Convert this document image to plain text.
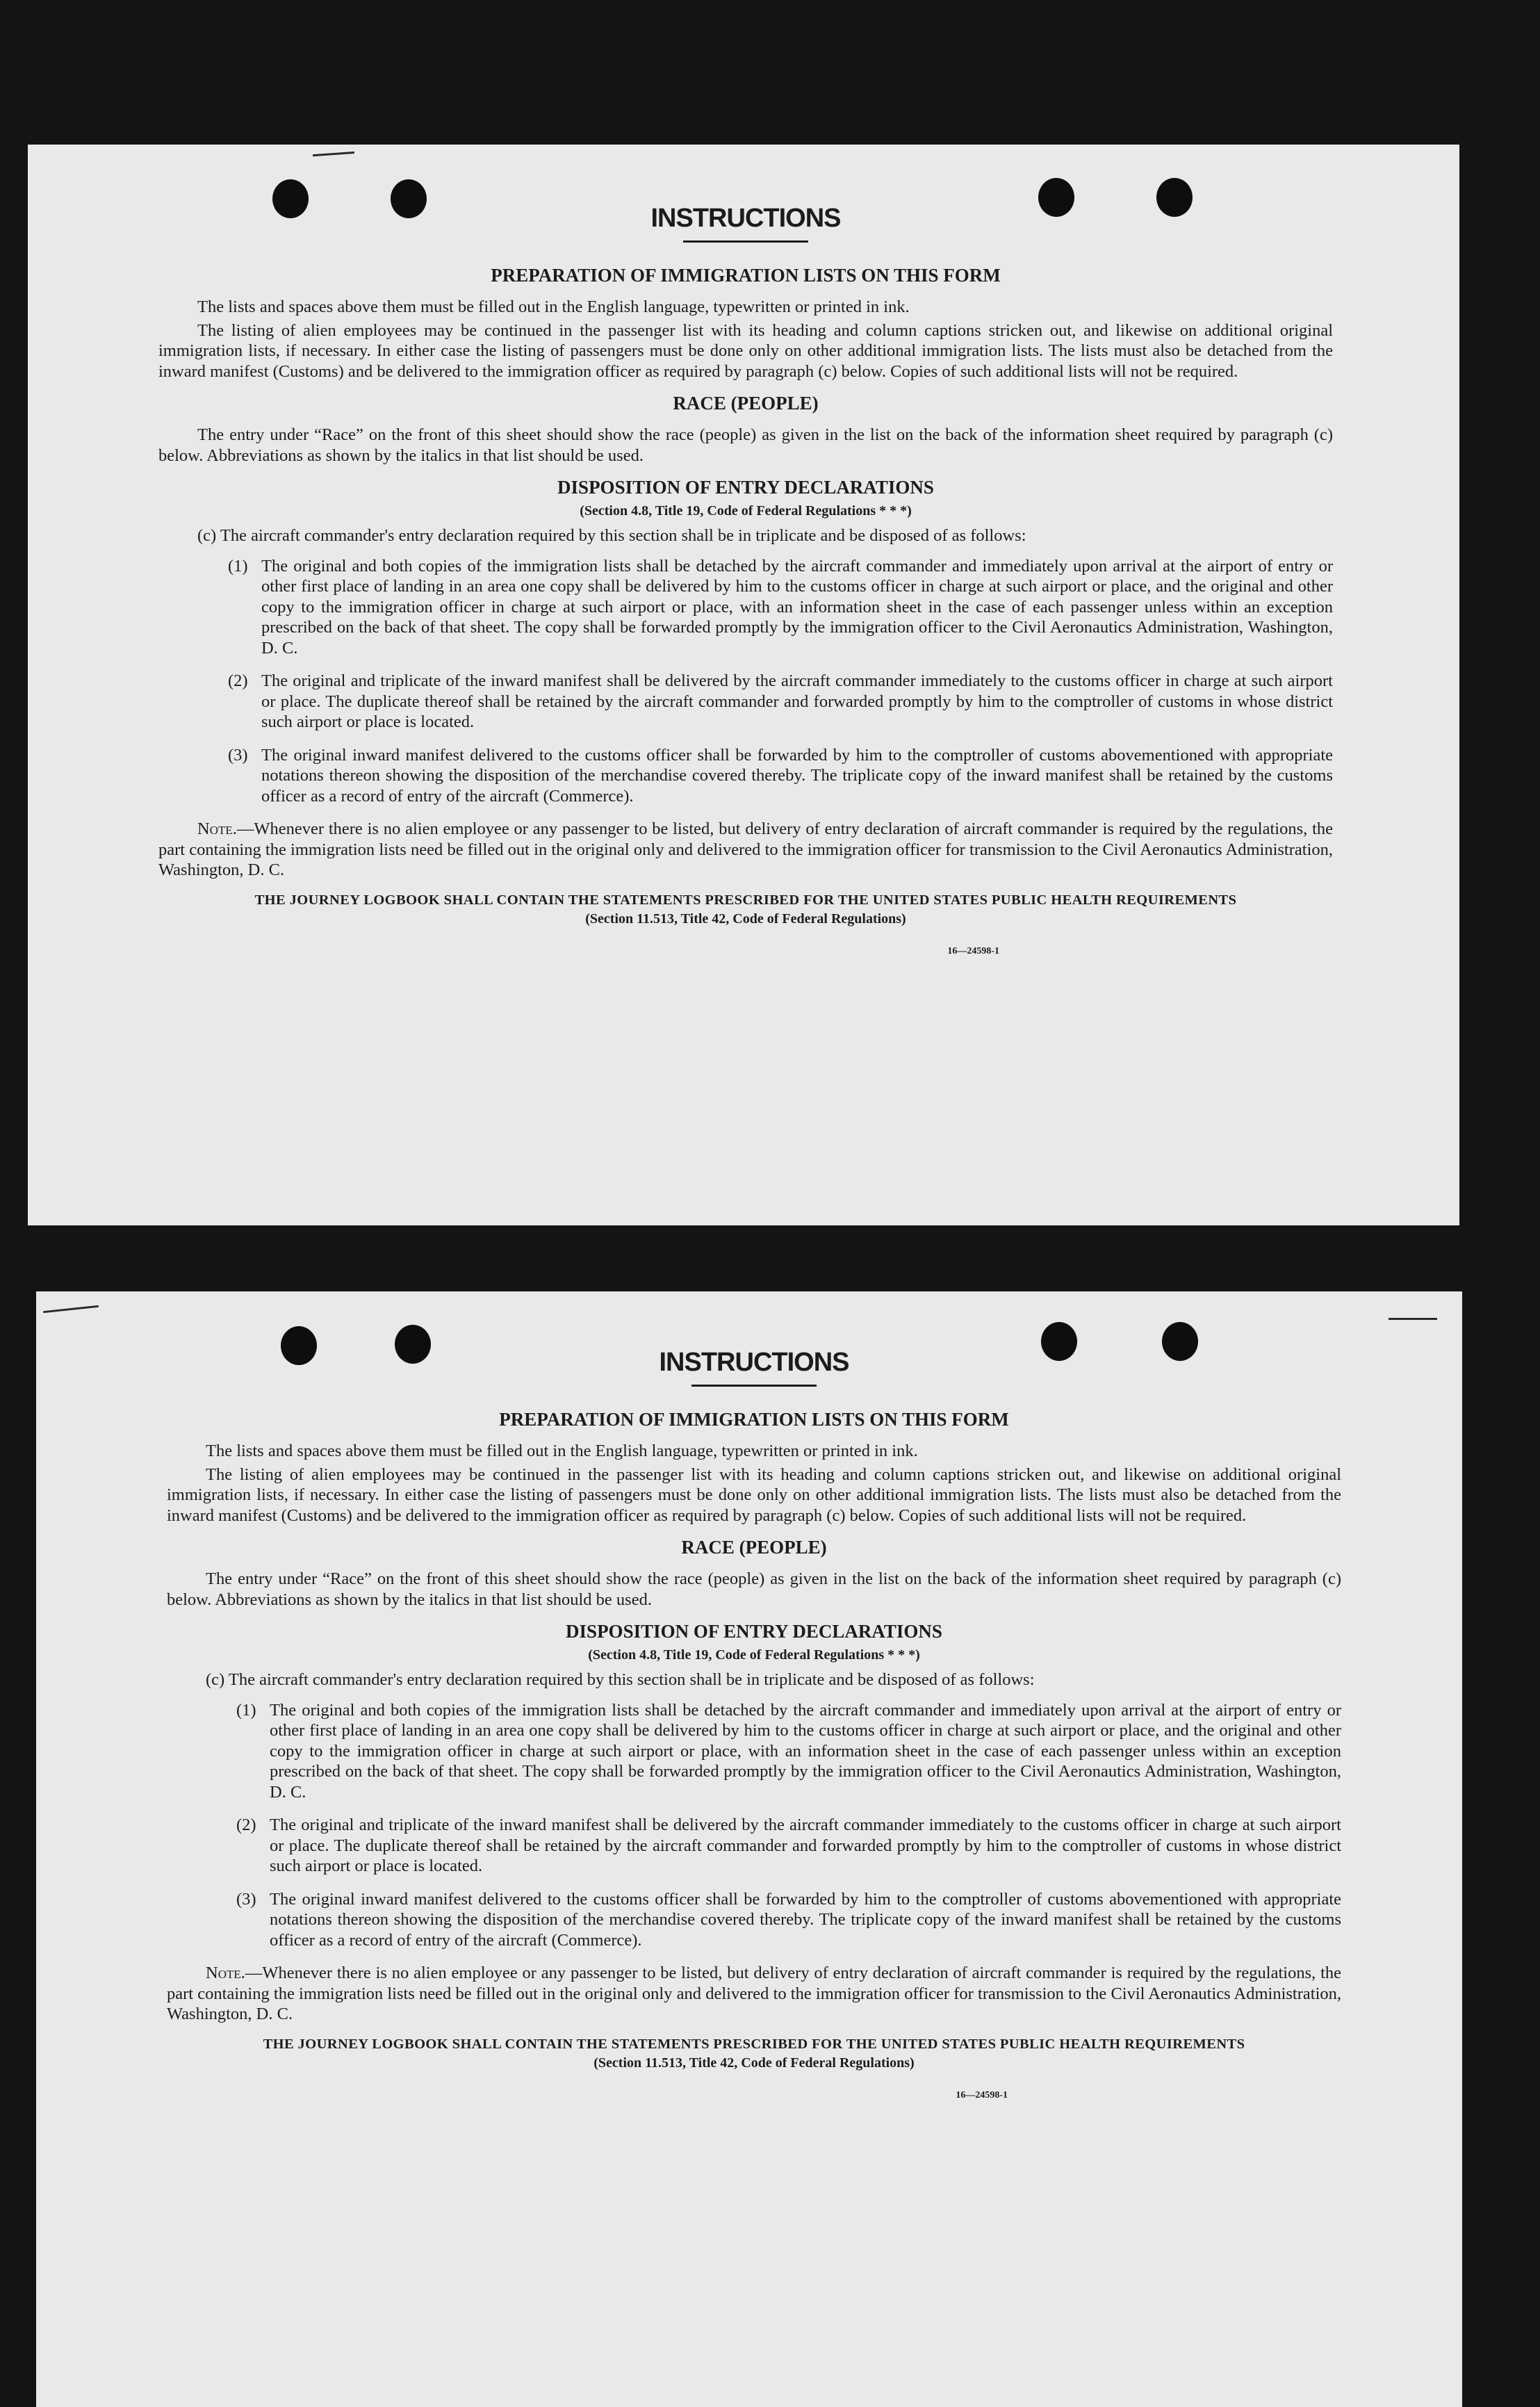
INSTRUCTIONS
PREPARATION OF IMMIGRATION LISTS ON THIS FORM

The lists and spaces above them must be filled out in the English language, typewritten or printed in ink.

The listing of alien employees may be continued in the passenger list with its heading and column captions stricken out, and likewise on additional original immigration lists, if necessary. In either case the listing of passengers must be done only on other additional immigration lists. The lists must also be detached from the inward manifest (Customs) and be delivered to the immigration officer as required by paragraph (c) below. Copies of such additional lists will not be required.

RACE (PEOPLE)

The entry under “Race” on the front of this sheet should show the race (people) as given in the list on the back of the information sheet required by paragraph (c) below. Abbreviations as shown by the italics in that list should be used.

DISPOSITION OF ENTRY DECLARATIONS
(Section 4.8, Title 19, Code of Federal Regulations * * *)

(c) The aircraft commander's entry declaration required by this section shall be in triplicate and be disposed of as follows:

(1) The original and both copies of the immigration lists shall be detached by the aircraft commander and immediately upon arrival at the airport of entry or other first place of landing in an area one copy shall be delivered by him to the customs officer in charge at such airport or place, and the original and other copy to the immigration officer in charge at such airport or place, with an information sheet in the case of each passenger unless within an exception prescribed on the back of that sheet. The copy shall be forwarded promptly by the immigration officer to the Civil Aeronautics Administration, Washington, D. C.
(2) The original and triplicate of the inward manifest shall be delivered by the aircraft commander immediately to the customs officer in charge at such airport or place. The duplicate thereof shall be retained by the aircraft commander and forwarded promptly by him to the comptroller of customs in whose district such airport or place is located.
(3) The original inward manifest delivered to the customs officer shall be forwarded by him to the comptroller of customs abovementioned with appropriate notations thereon showing the disposition of the merchandise covered thereby. The triplicate copy of the inward manifest shall be retained by the customs officer as a record of entry of the aircraft (Commerce).

Note.—Whenever there is no alien employee or any passenger to be listed, but delivery of entry declaration of aircraft commander is required by the regulations, the part containing the immigration lists need be filled out in the original only and delivered to the immigration officer for transmission to the Civil Aeronautics Administration, Washington, D. C.

THE JOURNEY LOGBOOK SHALL CONTAIN THE STATEMENTS PRESCRIBED FOR THE UNITED STATES PUBLIC HEALTH REQUIREMENTS
(Section 11.513, Title 42, Code of Federal Regulations)
16—24598-1
INSTRUCTIONS
PREPARATION OF IMMIGRATION LISTS ON THIS FORM

The lists and spaces above them must be filled out in the English language, typewritten or printed in ink.

The listing of alien employees may be continued in the passenger list with its heading and column captions stricken out, and likewise on additional original immigration lists, if necessary. In either case the listing of passengers must be done only on other additional immigration lists. The lists must also be detached from the inward manifest (Customs) and be delivered to the immigration officer as required by paragraph (c) below. Copies of such additional lists will not be required.

RACE (PEOPLE)

The entry under “Race” on the front of this sheet should show the race (people) as given in the list on the back of the information sheet required by paragraph (c) below. Abbreviations as shown by the italics in that list should be used.

DISPOSITION OF ENTRY DECLARATIONS
(Section 4.8, Title 19, Code of Federal Regulations * * *)

(c) The aircraft commander's entry declaration required by this section shall be in triplicate and be disposed of as follows:

(1) The original and both copies of the immigration lists shall be detached by the aircraft commander and immediately upon arrival at the airport of entry or other first place of landing in an area one copy shall be delivered by him to the customs officer in charge at such airport or place, and the original and other copy to the immigration officer in charge at such airport or place, with an information sheet in the case of each passenger unless within an exception prescribed on the back of that sheet. The copy shall be forwarded promptly by the immigration officer to the Civil Aeronautics Administration, Washington, D. C.
(2) The original and triplicate of the inward manifest shall be delivered by the aircraft commander immediately to the customs officer in charge at such airport or place. The duplicate thereof shall be retained by the aircraft commander and forwarded promptly by him to the comptroller of customs in whose district such airport or place is located.
(3) The original inward manifest delivered to the customs officer shall be forwarded by him to the comptroller of customs abovementioned with appropriate notations thereon showing the disposition of the merchandise covered thereby. The triplicate copy of the inward manifest shall be retained by the customs officer as a record of entry of the aircraft (Commerce).

Note.—Whenever there is no alien employee or any passenger to be listed, but delivery of entry declaration of aircraft commander is required by the regulations, the part containing the immigration lists need be filled out in the original only and delivered to the immigration officer for transmission to the Civil Aeronautics Administration, Washington, D. C.

THE JOURNEY LOGBOOK SHALL CONTAIN THE STATEMENTS PRESCRIBED FOR THE UNITED STATES PUBLIC HEALTH REQUIREMENTS
(Section 11.513, Title 42, Code of Federal Regulations)
16—24598-1
